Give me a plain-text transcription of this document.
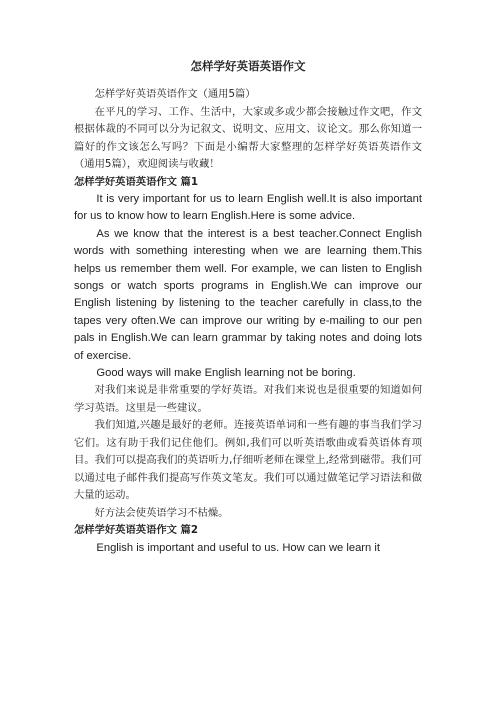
怎样学好英语英语作文

怎样学好英语英语作文（通用5篇）

在平凡的学习、工作、生活中，大家或多或少都会接触过作文吧，作文根据体裁的不同可以分为记叙文、说明文、应用文、议论文。那么你知道一篇好的作文该怎么写吗？下面是小编帮大家整理的怎样学好英语英语作文（通用5篇），欢迎阅读与收藏！

怎样学好英语英语作文 篇1

It is very important for us to learn English well.It is also important for us to know how to learn English.Here is some advice.

As we know that the interest is a best teacher.Connect English words with something interesting when we are learning them.This helps us remember them well. For example, we can listen to English songs or watch sports programs in English.We can improve our English listening by listening to the teacher carefully in class,to the tapes very often.We can improve our writing by e-mailing to our pen pals in English.We can learn grammar by taking notes and doing lots of exercise.

Good ways will make English learning not be boring.

对我们来说是非常重要的学好英语。对我们来说也是很重要的知道如何学习英语。这里是一些建议。

我们知道,兴趣是最好的老师。连接英语单词和一些有趣的事当我们学习它们。这有助于我们记住他们。例如,我们可以听英语歌曲或看英语体育项目。我们可以提高我们的英语听力,仔细听老师在课堂上,经常到磁带。我们可以通过电子邮件我们提高写作英文笔友。我们可以通过做笔记学习语法和做大量的运动。

好方法会使英语学习不枯燥。

怎样学好英语英语作文 篇2

English is important and useful to us. How can we learn it
